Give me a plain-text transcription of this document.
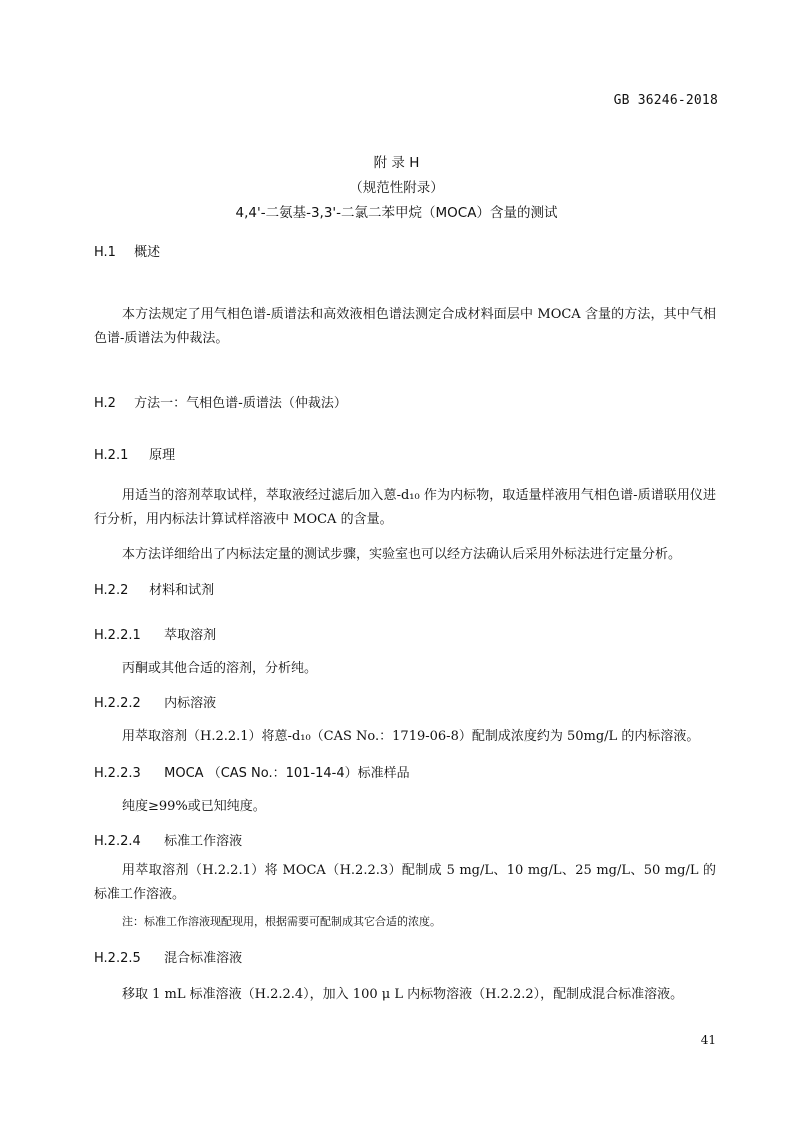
GB 36246-2018
附 录 H
（规范性附录）
4,4'-二氨基-3,3'-二氯二苯甲烷（MOCA）含量的测试
H.1 概述
本方法规定了用气相色谱-质谱法和高效液相色谱法测定合成材料面层中 MOCA 含量的方法，其中气相色谱-质谱法为仲裁法。
H.2 方法一：气相色谱-质谱法（仲裁法）
H.2.1 原理
用适当的溶剂萃取试样，萃取液经过滤后加入蒽-d₁₀ 作为内标物，取适量样液用气相色谱-质谱联用仪进行分析，用内标法计算试样溶液中 MOCA 的含量。
本方法详细给出了内标法定量的测试步骤，实验室也可以经方法确认后采用外标法进行定量分析。
H.2.2 材料和试剂
H.2.2.1 萃取溶剂
丙酮或其他合适的溶剂，分析纯。
H.2.2.2 内标溶液
用萃取溶剂（H.2.2.1）将蒽-d₁₀（CAS No.：1719-06-8）配制成浓度约为 50mg/L 的内标溶液。
H.2.2.3 MOCA （CAS No.：101-14-4）标准样品
纯度≥99%或已知纯度。
H.2.2.4 标准工作溶液
用萃取溶剂（H.2.2.1）将 MOCA（H.2.2.3）配制成 5 mg/L、10 mg/L、25 mg/L、50 mg/L 的标准工作溶液。
注：标准工作溶液现配现用，根据需要可配制成其它合适的浓度。
H.2.2.5 混合标准溶液
移取 1 mL 标准溶液（H.2.2.4），加入 100 μ L 内标物溶液（H.2.2.2），配制成混合标准溶液。
41
